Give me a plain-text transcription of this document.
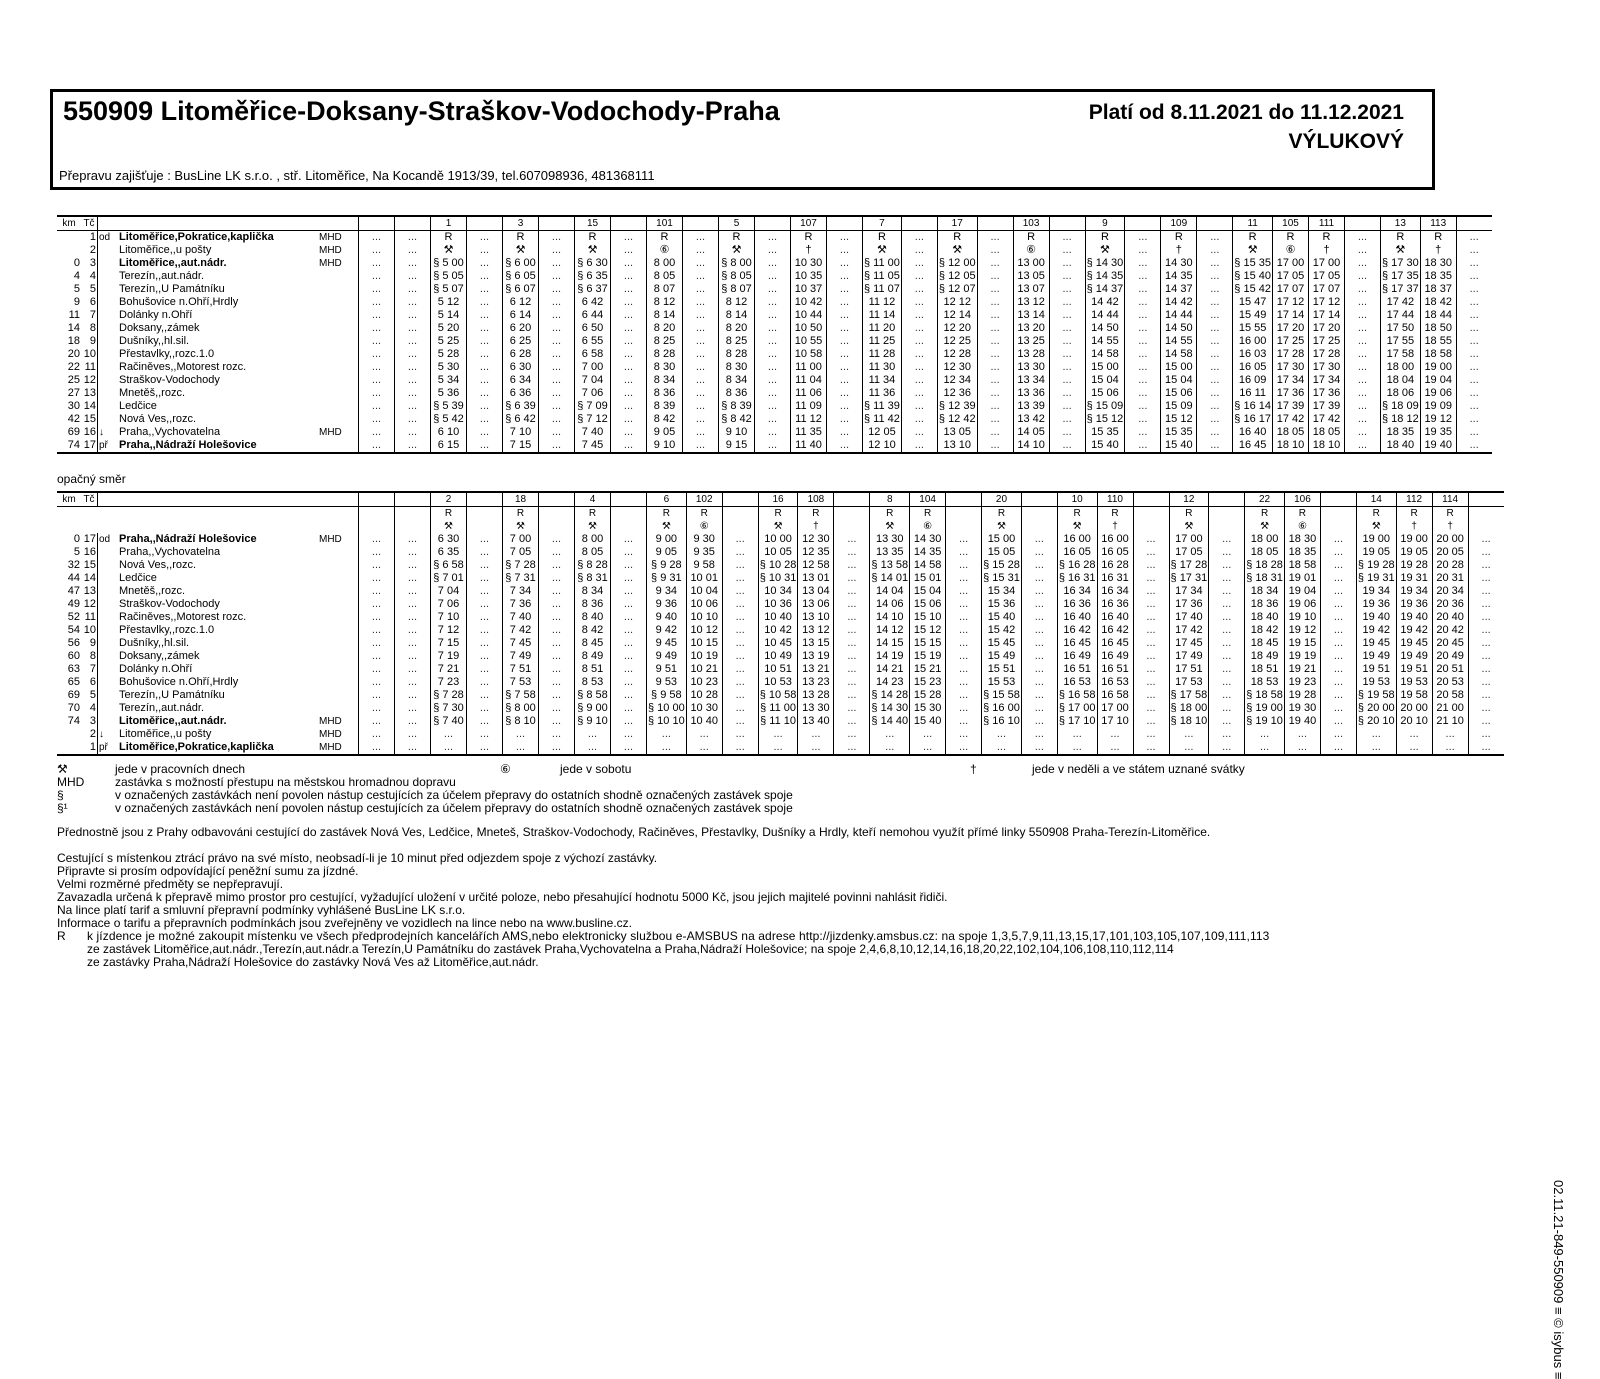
550909 Litoměřice-Doksany-Straškov-Vodochody-Praha	Platí od 8.11.2021 do 11.12.2021
VÝLUKOVÝ
Přepravu zajišťuje : BusLine LK s.r.o. , stř. Litoměřice, Na Kocandě 1913/39, tel.607098936, 481368111
km	Tč						1		3		15		101		5		107		7		17		103		9		109		11	105	111		13	113	
	1	od	Litoměřice,Pokratice,kaplička	MHD	...	...	R	...	R	...	R	...	R	...	R	...	R	...	R	...	R	...	R	...	R	...	R	...	R	R	R	...	R	R	...
	2		Litoměřice,,u pošty	MHD	...	...	⚒	...	⚒	...	⚒	...	⑥	...	⚒	...	†	...	⚒	...	⚒	...	⑥	...	⚒	...	†	...	⚒	⑥	†	...	⚒	†	...
0	3		Litoměřice,,aut.nádr.	MHD	...	...	§ 5 00	...	§ 6 00	...	§ 6 30	...	8 00	...	§ 8 00	...	10 30	...	§ 11 00	...	§ 12 00	...	13 00	...	§ 14 30	...	14 30	...	§ 15 35	17 00	17 00	...	§ 17 30	18 30	...
4	4		Terezín,,aut.nádr.		...	...	§ 5 05	...	§ 6 05	...	§ 6 35	...	8 05	...	§ 8 05	...	10 35	...	§ 11 05	...	§ 12 05	...	13 05	...	§ 14 35	...	14 35	...	§ 15 40	17 05	17 05	...	§ 17 35	18 35	...
5	5		Terezín,,U Památníku		...	...	§ 5 07	...	§ 6 07	...	§ 6 37	...	8 07	...	§ 8 07	...	10 37	...	§ 11 07	...	§ 12 07	...	13 07	...	§ 14 37	...	14 37	...	§ 15 42	17 07	17 07	...	§ 17 37	18 37	...
9	6		Bohušovice n.Ohří,Hrdly		...	...	5 12	...	6 12	...	6 42	...	8 12	...	8 12	...	10 42	...	11 12	...	12 12	...	13 12	...	14 42	...	14 42	...	15 47	17 12	17 12	...	17 42	18 42	...
11	7		Dolánky n.Ohří		...	...	5 14	...	6 14	...	6 44	...	8 14	...	8 14	...	10 44	...	11 14	...	12 14	...	13 14	...	14 44	...	14 44	...	15 49	17 14	17 14	...	17 44	18 44	...
14	8		Doksany,,zámek		...	...	5 20	...	6 20	...	6 50	...	8 20	...	8 20	...	10 50	...	11 20	...	12 20	...	13 20	...	14 50	...	14 50	...	15 55	17 20	17 20	...	17 50	18 50	...
18	9		Dušníky,,hl.sil.		...	...	5 25	...	6 25	...	6 55	...	8 25	...	8 25	...	10 55	...	11 25	...	12 25	...	13 25	...	14 55	...	14 55	...	16 00	17 25	17 25	...	17 55	18 55	...
20	10		Přestavlky,,rozc.1.0		...	...	5 28	...	6 28	...	6 58	...	8 28	...	8 28	...	10 58	...	11 28	...	12 28	...	13 28	...	14 58	...	14 58	...	16 03	17 28	17 28	...	17 58	18 58	...
22	11		Račiněves,,Motorest rozc.		...	...	5 30	...	6 30	...	7 00	...	8 30	...	8 30	...	11 00	...	11 30	...	12 30	...	13 30	...	15 00	...	15 00	...	16 05	17 30	17 30	...	18 00	19 00	...
25	12		Straškov-Vodochody		...	...	5 34	...	6 34	...	7 04	...	8 34	...	8 34	...	11 04	...	11 34	...	12 34	...	13 34	...	15 04	...	15 04	...	16 09	17 34	17 34	...	18 04	19 04	...
27	13		Mnetěš,,rozc.		...	...	5 36	...	6 36	...	7 06	...	8 36	...	8 36	...	11 06	...	11 36	...	12 36	...	13 36	...	15 06	...	15 06	...	16 11	17 36	17 36	...	18 06	19 06	...
30	14		Ledčice		...	...	§ 5 39	...	§ 6 39	...	§ 7 09	...	8 39	...	§ 8 39	...	11 09	...	§ 11 39	...	§ 12 39	...	13 39	...	§ 15 09	...	15 09	...	§ 16 14	17 39	17 39	...	§ 18 09	19 09	...
42	15		Nová Ves,,rozc.		...	...	§ 5 42	...	§ 6 42	...	§ 7 12	...	8 42	...	§ 8 42	...	11 12	...	§ 11 42	...	§ 12 42	...	13 42	...	§ 15 12	...	15 12	...	§ 16 17	17 42	17 42	...	§ 18 12	19 12	...
69	16	↓	Praha,,Vychovatelna	MHD	...	...	6 10	...	7 10	...	7 40	...	9 05	...	9 10	...	11 35	...	12 05	...	13 05	...	14 05	...	15 35	...	15 35	...	16 40	18 05	18 05	...	18 35	19 35	...
74	17	př	Praha,,Nádraží Holešovice		...	...	6 15	...	7 15	...	7 45	...	9 10	...	9 15	...	11 40	...	12 10	...	13 10	...	14 10	...	15 40	...	15 40	...	16 45	18 10	18 10	...	18 40	19 40	...
opačný směr
km	Tč						2		18		4		6	102		16	108		8	104		20		10	110		12		22	106		14	112	114	
							R		R		R		R	R		R	R		R	R		R		R	R		R		R	R		R	R	R	
							⚒		⚒		⚒		⚒	⑥		⚒	†		⚒	⑥		⚒		⚒	†		⚒		⚒	⑥		⚒	†	†	
0	17	od	Praha,,Nádraží Holešovice	MHD	...	...	6 30	...	7 00	...	8 00	...	9 00	9 30	...	10 00	12 30	...	13 30	14 30	...	15 00	...	16 00	16 00	...	17 00	...	18 00	18 30	...	19 00	19 00	20 00	...
5	16		Praha,,Vychovatelna		...	...	6 35	...	7 05	...	8 05	...	9 05	9 35	...	10 05	12 35	...	13 35	14 35	...	15 05	...	16 05	16 05	...	17 05	...	18 05	18 35	...	19 05	19 05	20 05	...
32	15		Nová Ves,,rozc.		...	...	§ 6 58	...	§ 7 28	...	§ 8 28	...	§ 9 28	9 58	...	§ 10 28	12 58	...	§ 13 58	14 58	...	§ 15 28	...	§ 16 28	16 28	...	§ 17 28	...	§ 18 28	18 58	...	§ 19 28	19 28	20 28	...
44	14		Ledčice		...	...	§ 7 01	...	§ 7 31	...	§ 8 31	...	§ 9 31	10 01	...	§ 10 31	13 01	...	§ 14 01	15 01	...	§ 15 31	...	§ 16 31	16 31	...	§ 17 31	...	§ 18 31	19 01	...	§ 19 31	19 31	20 31	...
47	13		Mnetěš,,rozc.		...	...	7 04	...	7 34	...	8 34	...	9 34	10 04	...	10 34	13 04	...	14 04	15 04	...	15 34	...	16 34	16 34	...	17 34	...	18 34	19 04	...	19 34	19 34	20 34	...
49	12		Straškov-Vodochody		...	...	7 06	...	7 36	...	8 36	...	9 36	10 06	...	10 36	13 06	...	14 06	15 06	...	15 36	...	16 36	16 36	...	17 36	...	18 36	19 06	...	19 36	19 36	20 36	...
52	11		Račiněves,,Motorest rozc.		...	...	7 10	...	7 40	...	8 40	...	9 40	10 10	...	10 40	13 10	...	14 10	15 10	...	15 40	...	16 40	16 40	...	17 40	...	18 40	19 10	...	19 40	19 40	20 40	...
54	10		Přestavlky,,rozc.1.0		...	...	7 12	...	7 42	...	8 42	...	9 42	10 12	...	10 42	13 12	...	14 12	15 12	...	15 42	...	16 42	16 42	...	17 42	...	18 42	19 12	...	19 42	19 42	20 42	...
56	9		Dušníky,,hl.sil.		...	...	7 15	...	7 45	...	8 45	...	9 45	10 15	...	10 45	13 15	...	14 15	15 15	...	15 45	...	16 45	16 45	...	17 45	...	18 45	19 15	...	19 45	19 45	20 45	...
60	8		Doksany,,zámek		...	...	7 19	...	7 49	...	8 49	...	9 49	10 19	...	10 49	13 19	...	14 19	15 19	...	15 49	...	16 49	16 49	...	17 49	...	18 49	19 19	...	19 49	19 49	20 49	...
63	7		Dolánky n.Ohří		...	...	7 21	...	7 51	...	8 51	...	9 51	10 21	...	10 51	13 21	...	14 21	15 21	...	15 51	...	16 51	16 51	...	17 51	...	18 51	19 21	...	19 51	19 51	20 51	...
65	6		Bohušovice n.Ohří,Hrdly		...	...	7 23	...	7 53	...	8 53	...	9 53	10 23	...	10 53	13 23	...	14 23	15 23	...	15 53	...	16 53	16 53	...	17 53	...	18 53	19 23	...	19 53	19 53	20 53	...
69	5		Terezín,,U Památníku		...	...	§ 7 28	...	§ 7 58	...	§ 8 58	...	§ 9 58	10 28	...	§ 10 58	13 28	...	§ 14 28	15 28	...	§ 15 58	...	§ 16 58	16 58	...	§ 17 58	...	§ 18 58	19 28	...	§ 19 58	19 58	20 58	...
70	4		Terezín,,aut.nádr.		...	...	§ 7 30	...	§ 8 00	...	§ 9 00	...	§ 10 00	10 30	...	§ 11 00	13 30	...	§ 14 30	15 30	...	§ 16 00	...	§ 17 00	17 00	...	§ 18 00	...	§ 19 00	19 30	...	§ 20 00	20 00	21 00	...
74	3		Litoměřice,,aut.nádr.	MHD	...	...	§ 7 40	...	§ 8 10	...	§ 9 10	...	§ 10 10	10 40	...	§ 11 10	13 40	...	§ 14 40	15 40	...	§ 16 10	...	§ 17 10	17 10	...	§ 18 10	...	§ 19 10	19 40	...	§ 20 10	20 10	21 10	...
	2	↓	Litoměřice,,u pošty	MHD	...	...	...	...	...	...	...	...	...	...	...	...	...	...	...	...	...	...	...	...	...	...	...	...	...	...	...	...	...	...	...
	1	př	Litoměřice,Pokratice,kaplička	MHD	...	...	...	...	...	...	...	...	...	...	...	...	...	...	...	...	...	...	...	...	...	...	...	...	...	...	...	...	...	...	...
⚒	jede v pracovních dnech	⑥	jede v sobotu	†	jede v neděli a ve státem uznané svátky
MHD	zastávka s možností přestupu na městskou hromadnou dopravu
§	v označených zastávkách není povolen nástup cestujících za účelem přepravy do ostatních shodně označených zastávek spoje
§¹	v označených zastávkách není povolen nástup cestujících za účelem přepravy do ostatních shodně označených zastávek spoje
Přednostně jsou z Prahy odbavováni cestující do zastávek Nová Ves, Ledčice, Mneteš, Straškov-Vodochody, Račiněves, Přestavlky, Dušníky a Hrdly, kteří nemohou využít přímé linky 550908 Praha-Terezín-Litoměřice.
Cestující s místenkou ztrácí právo na své místo, neobsadí-li je 10 minut před odjezdem spoje z výchozí zastávky.
Připravte si prosím odpovídající peněžní sumu za jízdné.
Velmi rozměrné předměty se nepřepravují.
Zavazadla určená k přepravě mimo prostor pro cestující, vyžadující uložení v určité poloze, nebo přesahující hodnotu 5000 Kč, jsou jejich majitelé povinni nahlásit řidiči.
Na lince platí tarif a smluvní přepravní podmínky vyhlášené BusLine LK s.r.o.
Informace o tarifu a přepravních podmínkách jsou zveřejněny ve vozidlech na lince nebo na www.busline.cz.
R k jízdence je možné zakoupit místenku ve všech předprodejních kancelářích AMS,nebo elektronicky službou e-AMSBUS na adrese http://jizdenky.amsbus.cz: na spoje 1,3,5,7,9,11,13,15,17,101,103,105,107,109,111,113
ze zastávek Litoměřice,aut.nádr.,Terezín,aut.nádr.a Terezín,U Památníku do zastávek Praha,Vychovatelna a Praha,Nádraží Holešovice; na spoje 2,4,6,8,10,12,14,16,18,20,22,102,104,106,108,110,112,114
ze zastávky Praha,Nádraží Holešovice do zastávky Nová Ves až Litoměřice,aut.nádr.
02.11.21-849-550909 ≡ © isybus ≡
